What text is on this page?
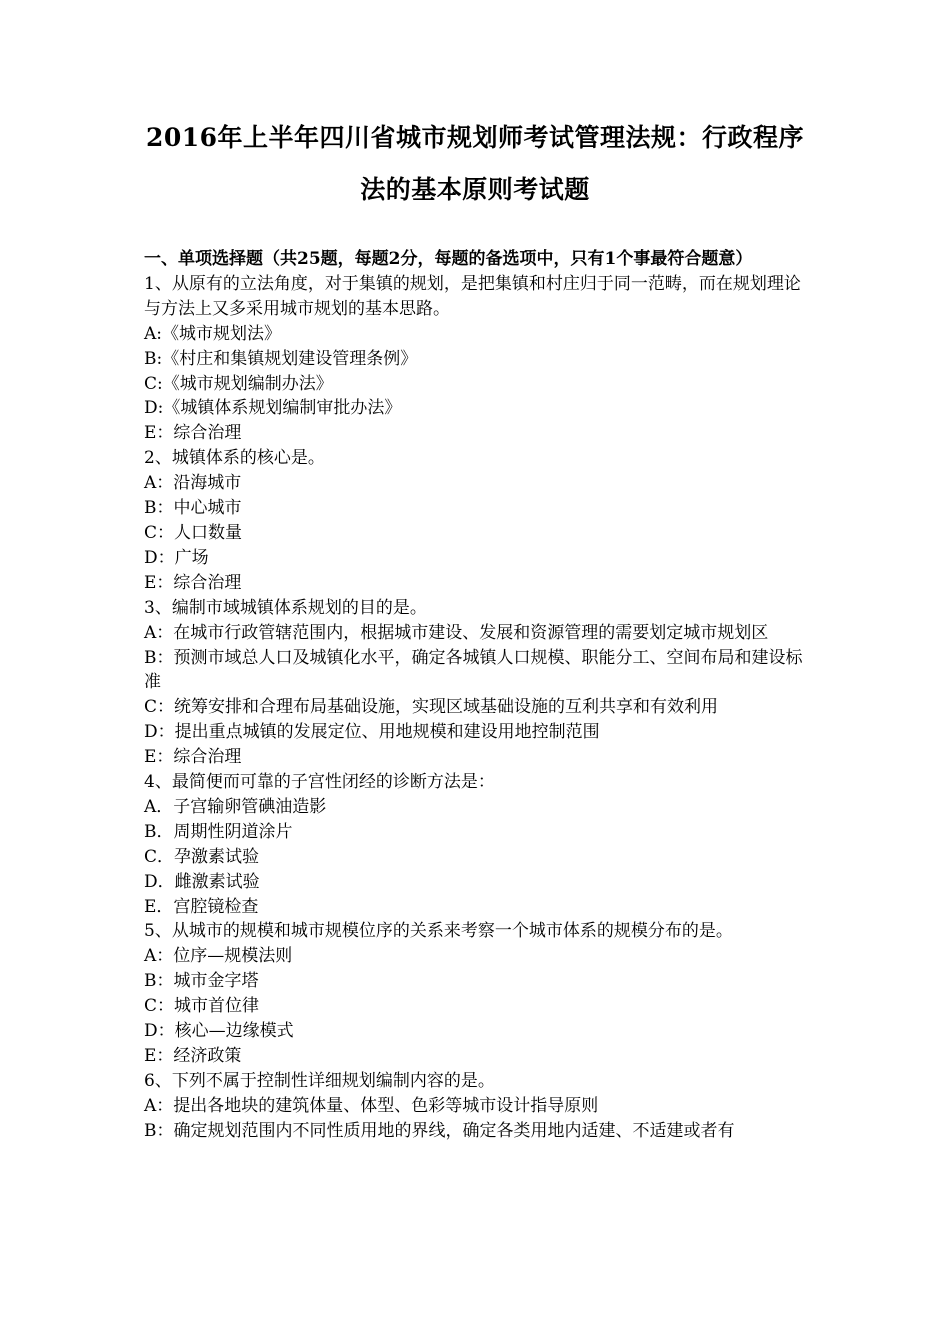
2016年上半年四川省城市规划师考试管理法规：行政程序
法的基本原则考试题

一、单项选择题（共25题，每题2分，每题的备选项中，只有1个事最符合题意）

1、从原有的立法角度，对于集镇的规划，是把集镇和村庄归于同一范畴，而在规划理论与方法上又多采用城市规划的基本思路。

A:《城市规划法》

B:《村庄和集镇规划建设管理条例》

C:《城市规划编制办法》

D:《城镇体系规划编制审批办法》

E：综合治理

2、城镇体系的核心是。

A：沿海城市

B：中心城市

C：人口数量

D：广场

E：综合治理

3、编制市域城镇体系规划的目的是。

A：在城市行政管辖范围内，根据城市建设、发展和资源管理的需要划定城市规划区

B：预测市域总人口及城镇化水平，确定各城镇人口规模、职能分工、空间布局和建设标准

C：统筹安排和合理布局基础设施，实现区域基础设施的互利共享和有效利用

D：提出重点城镇的发展定位、用地规模和建设用地控制范围

E：综合治理

4、最简便而可靠的子宫性闭经的诊断方法是：

A．子宫输卵管碘油造影

B．周期性阴道涂片

C．孕激素试验

D．雌激素试验

E．宫腔镜检查

5、从城市的规模和城市规模位序的关系来考察一个城市体系的规模分布的是。

A：位序—规模法则

B：城市金字塔

C：城市首位律

D：核心—边缘模式

E：经济政策

6、下列不属于控制性详细规划编制内容的是。

A：提出各地块的建筑体量、体型、色彩等城市设计指导原则

B：确定规划范围内不同性质用地的界线，确定各类用地内适建、不适建或者有
